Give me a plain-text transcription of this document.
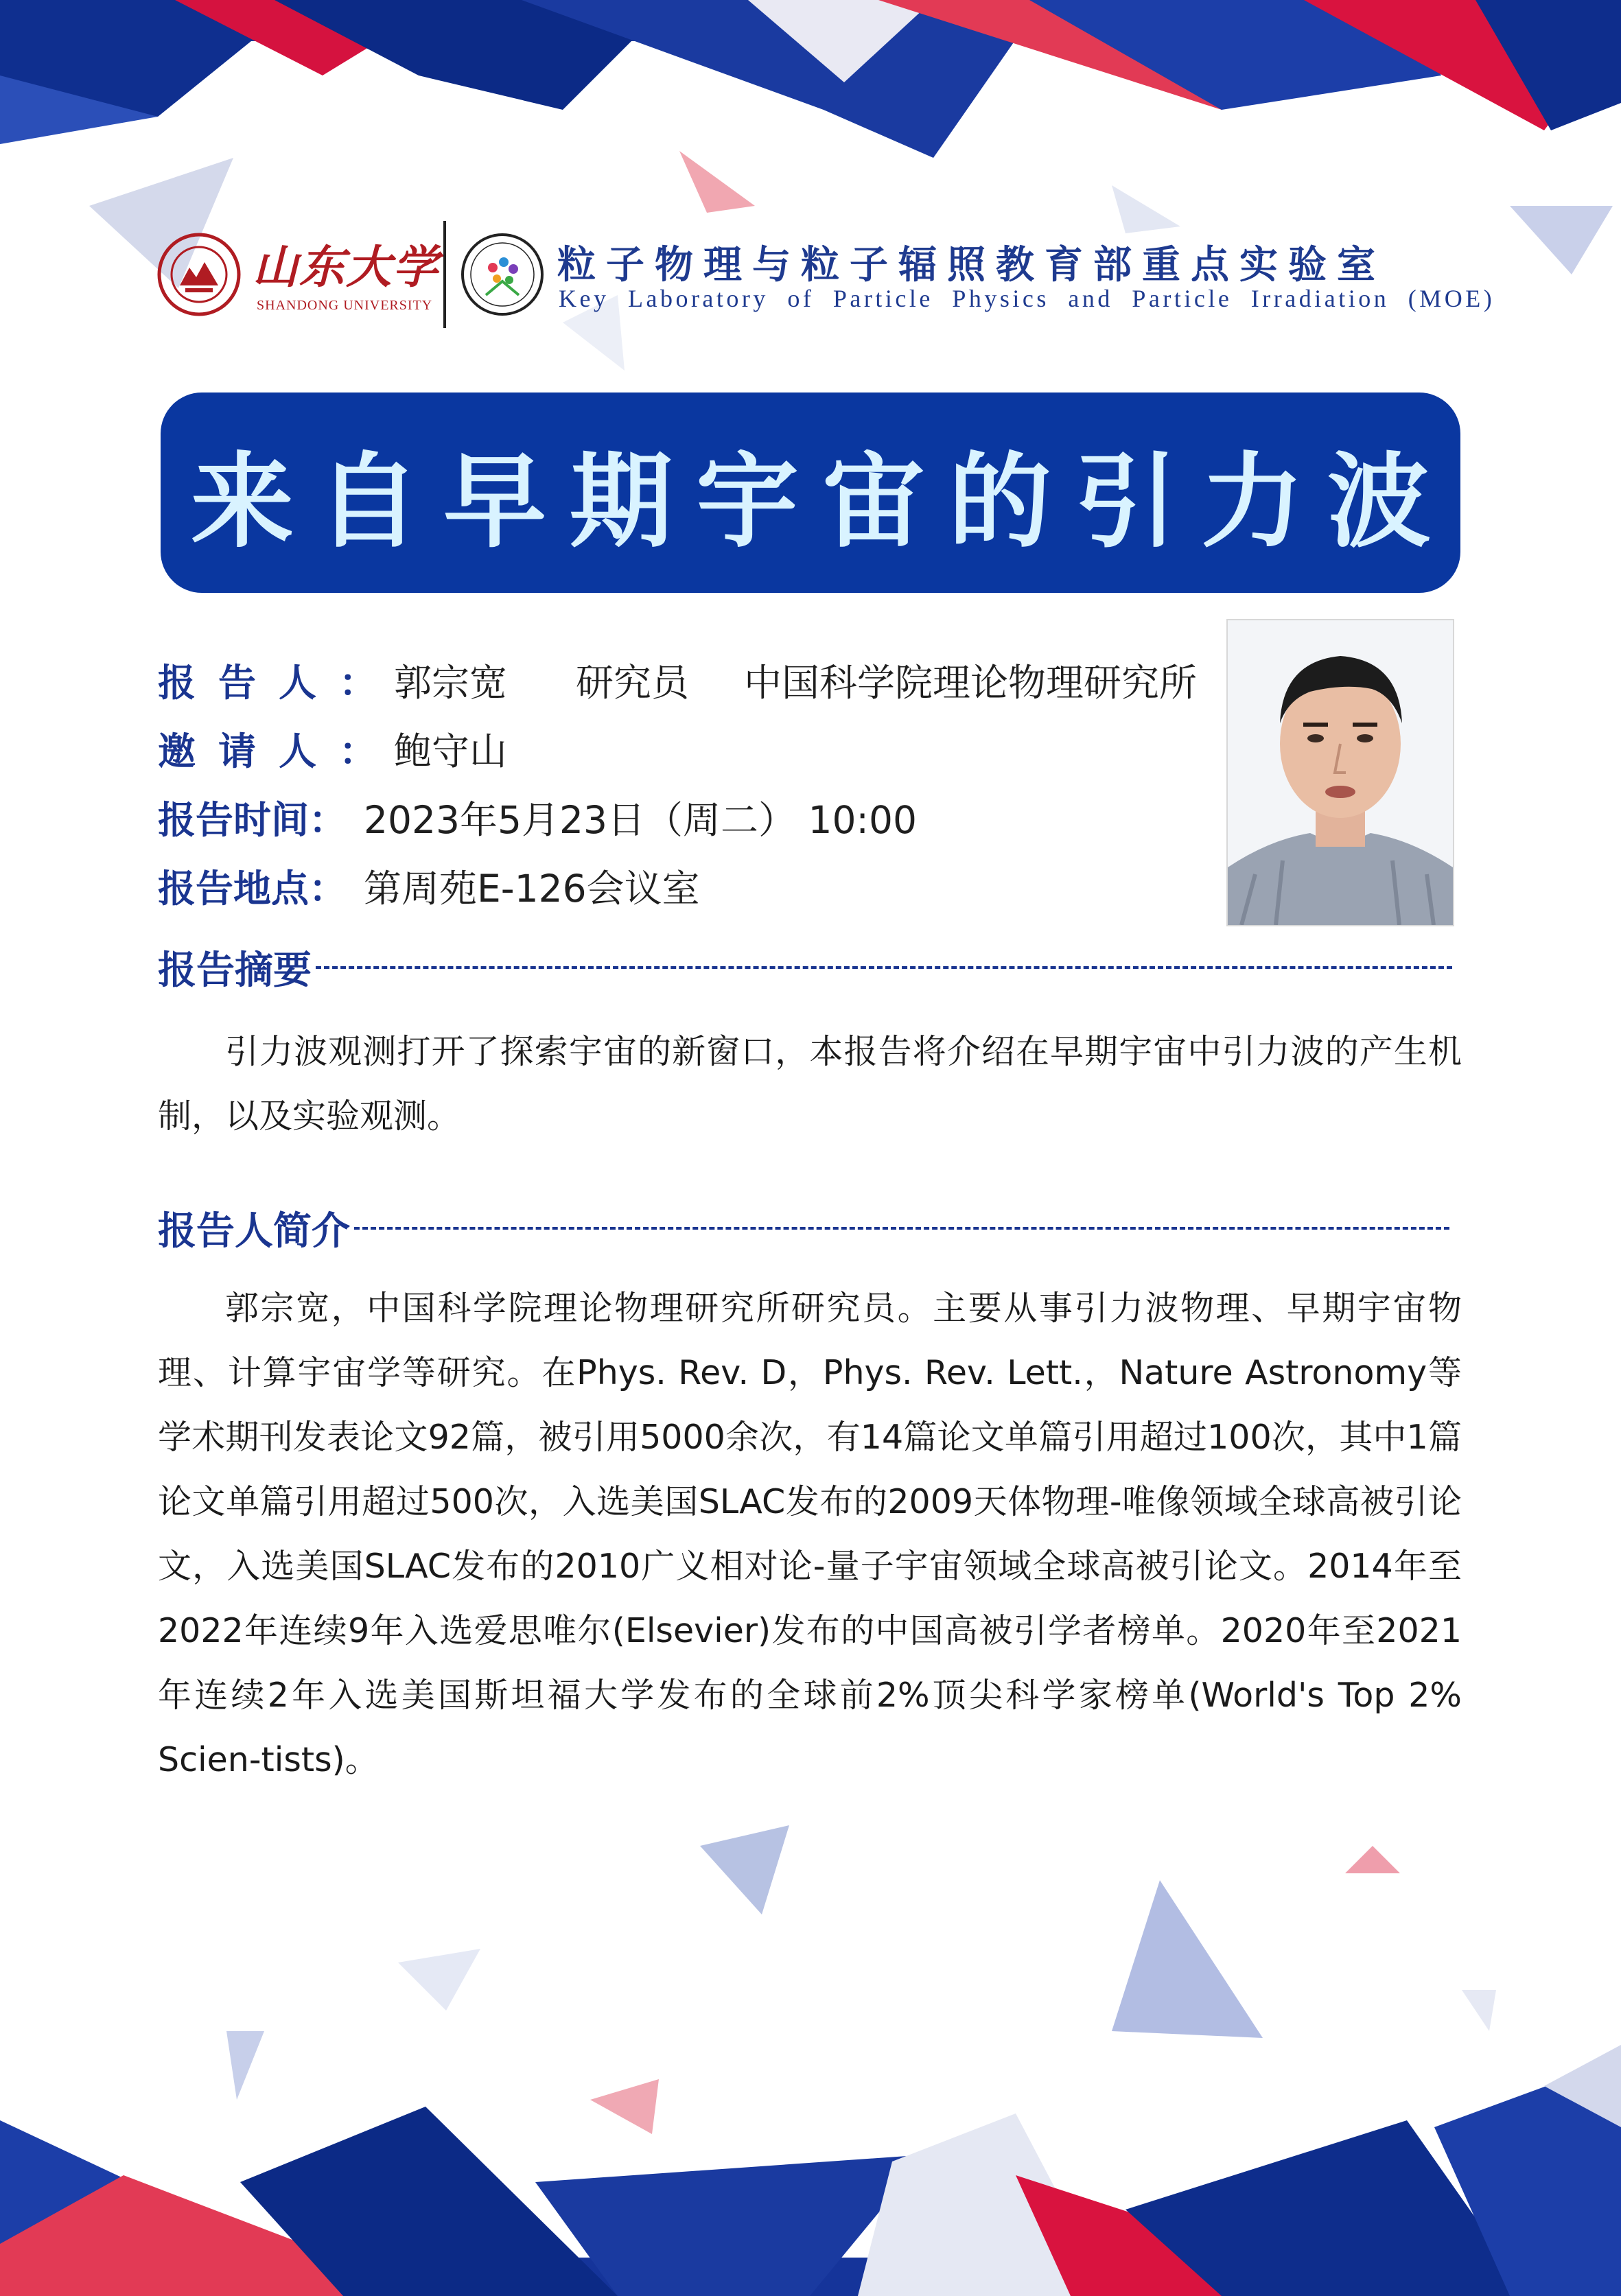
山东大学
SHANDONG UNIVERSITY
粒子物理与粒子辐照教育部重点实验室
Key Laboratory of Particle Physics and Particle Irradiation (MOE)
来自早期宇宙的引力波
报告人 ： 郭宗宽 研究员 中国科学院理论物理研究所
邀请人 ： 鲍守山
报告时间 ： 2023年5月23日（周二） 10:00
报告地点 ： 第周苑E-126会议室
报告摘要

引力波观测打开了探索宇宙的新窗口，本报告将介绍在早期宇宙中引力波的产生机制，以及实验观测。

报告人简介

郭宗宽，中国科学院理论物理研究所研究员。主要从事引力波物理、早期宇宙物理、计算宇宙学等研究。在Phys. Rev. D，Phys. Rev. Lett.，Nature Astronomy等学术期刊发表论文92篇，被引用5000余次，有14篇论文单篇引用超过100次，其中1篇论文单篇引用超过500次，入选美国SLAC发布的2009天体物理-唯像领域全球高被引论文，入选美国SLAC发布的2010广义相对论-量子宇宙领域全球高被引论文。2014年至2022年连续9年入选爱思唯尔(Elsevier)发布的中国高被引学者榜单。2020年至2021年连续2年入选美国斯坦福大学发布的全球前2%顶尖科学家榜单(World's Top 2% Scien-tists)。
